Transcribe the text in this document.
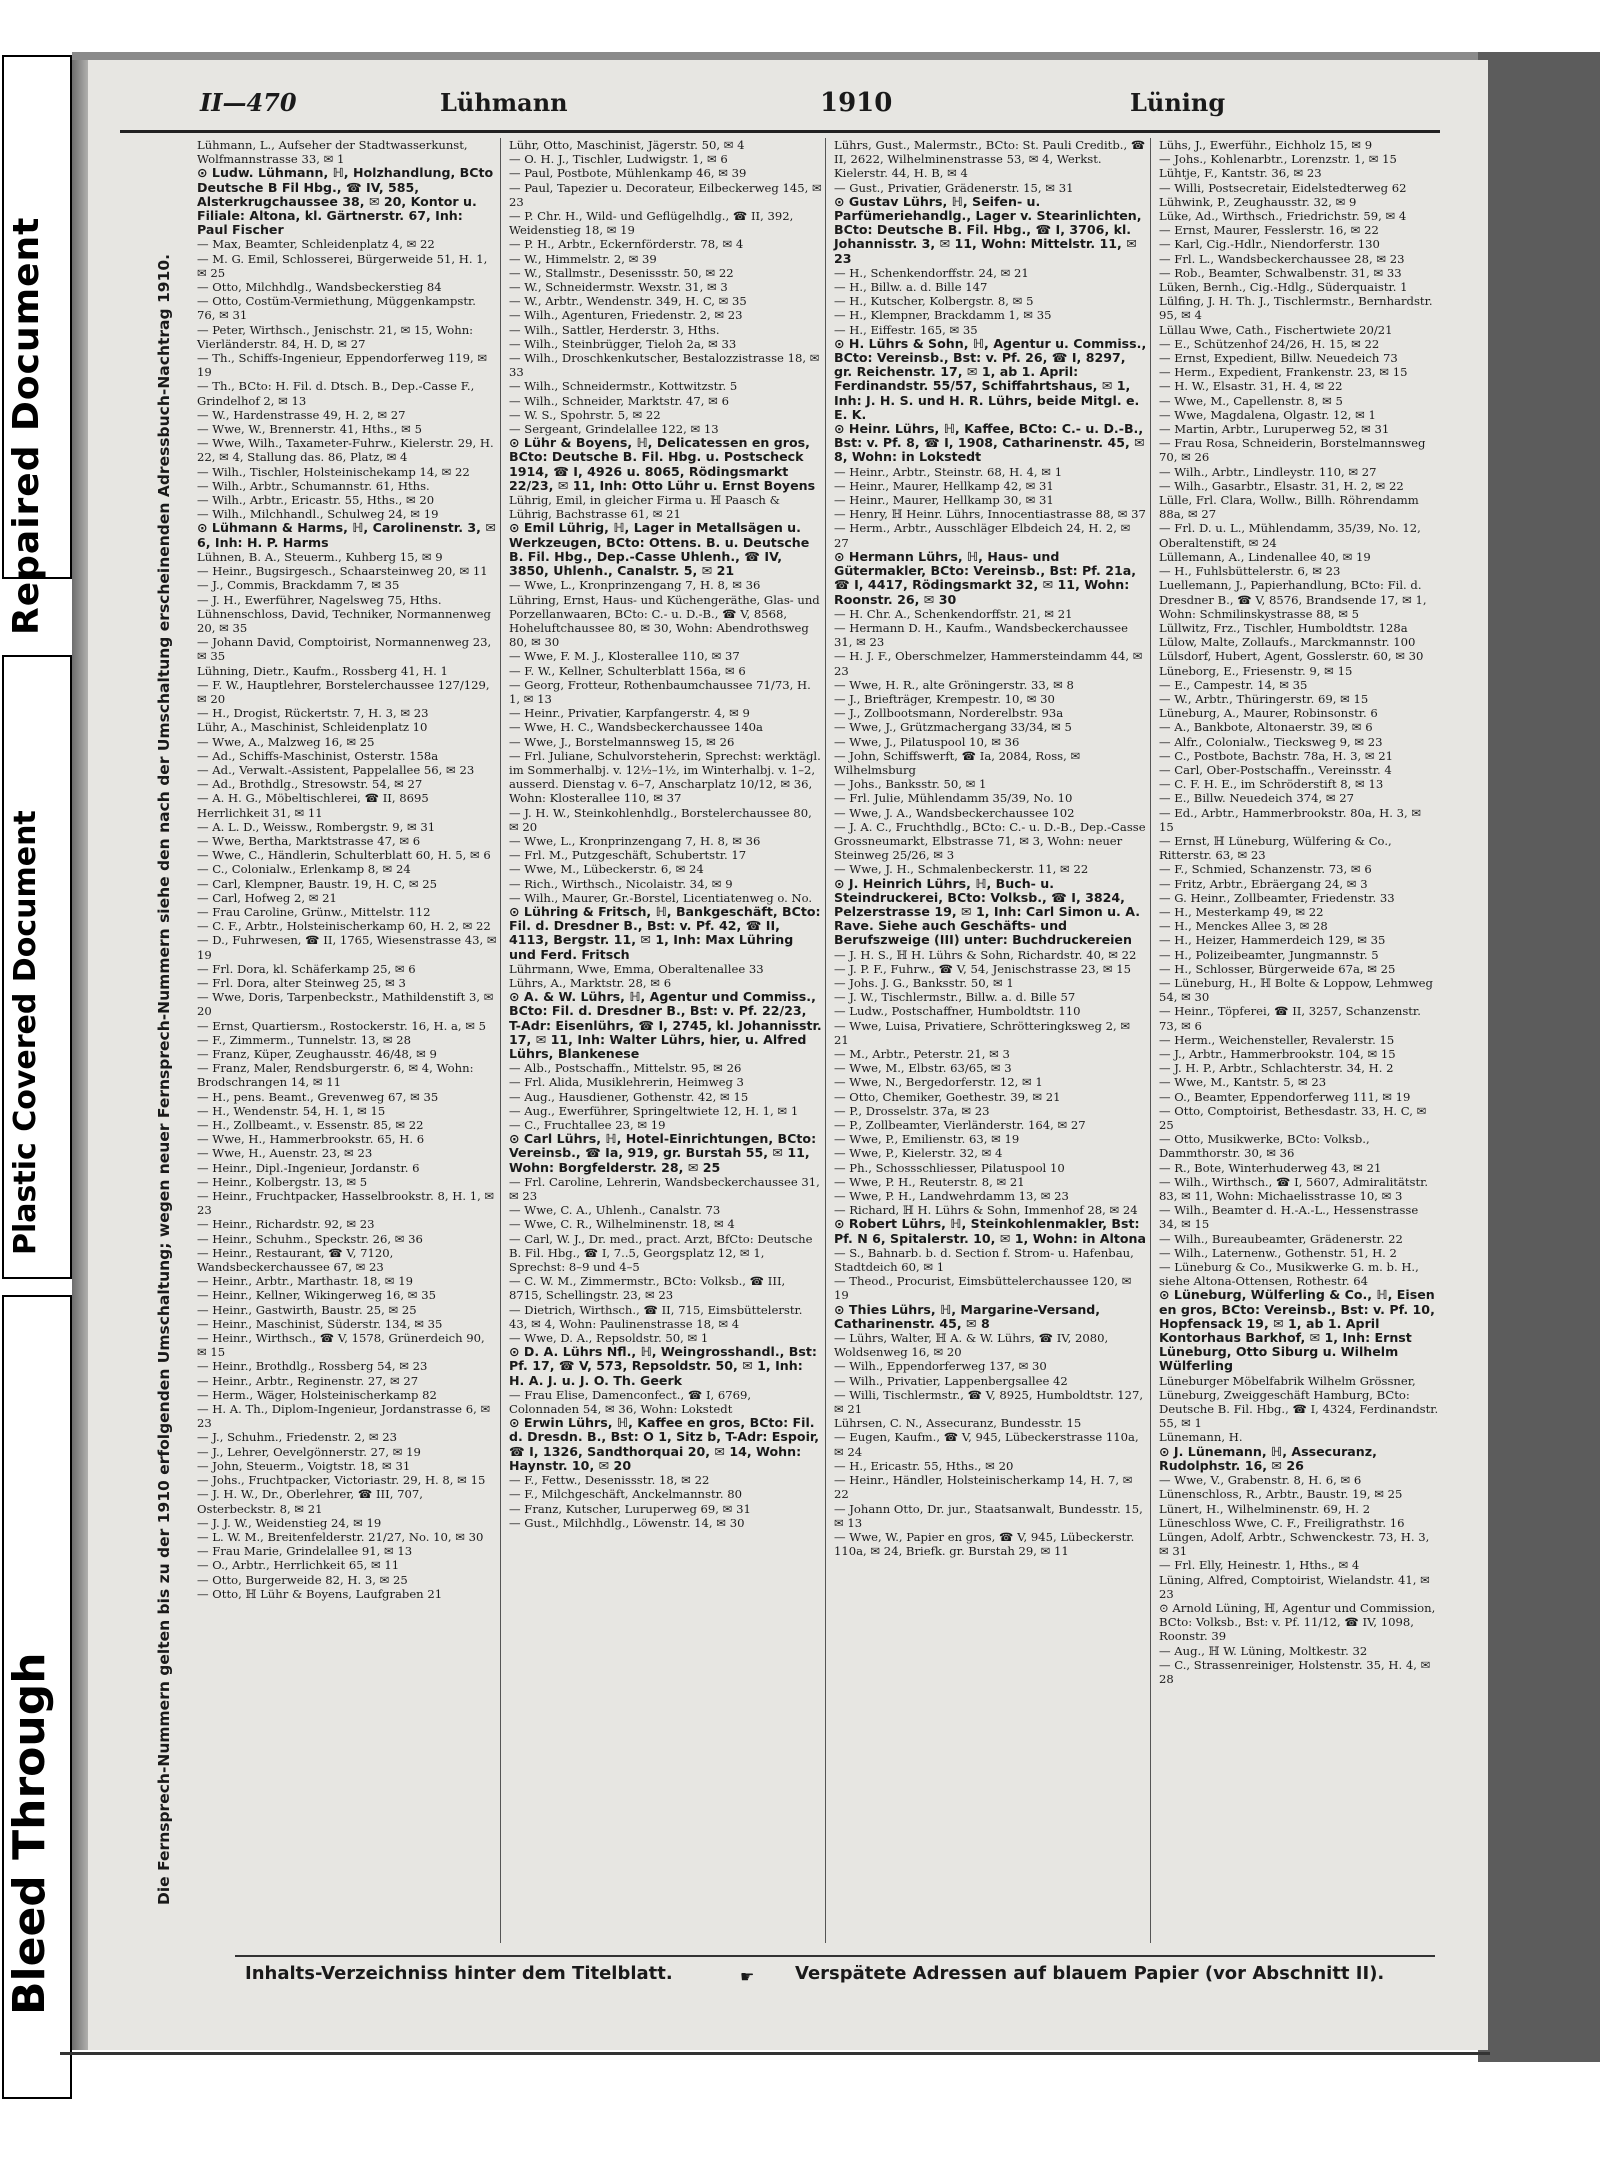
Repaired Document
Plastic Covered Document
Bleed Through
II—470	Lühmann	1910	Lüning
Die Fernsprech-Nummern gelten bis zu der 1910 erfolgenden Umschaltung; wegen neuer Fernsprech-Nummern siehe den nach der Umschaltung erscheinenden Adressbuch-Nachtrag 1910.

Lühmann, L., Aufseher der Stadtwasserkunst, Wolfmannstrasse 33, ✉ 1

⊙ Ludw. Lühmann, ℍ, Holzhandlung, BCto Deutsche B Fil Hbg., ☎ IV, 585, Alsterkrugchaussee 38, ✉ 20, Kontor u. Filiale: Altona, kl. Gärtnerstr. 67, Inh: Paul Fischer

— Max, Beamter, Schleidenplatz 4, ✉ 22

— M. G. Emil, Schlosserei, Bürgerweide 51, H. 1, ✉ 25

— Otto, Milchhdlg., Wandsbeckerstieg 84

— Otto, Costüm-Vermiethung, Müggenkampstr. 76, ✉ 31

— Peter, Wirthsch., Jenischstr. 21, ✉ 15, Wohn: Vierländerstr. 84, H. D, ✉ 27

— Th., Schiffs-Ingenieur, Eppendorferweg 119, ✉ 19

— Th., BCto: H. Fil. d. Dtsch. B., Dep.-Casse F., Grindelhof 2, ✉ 13

— W., Hardenstrasse 49, H. 2, ✉ 27

— Wwe, W., Brennerstr. 41, Hths., ✉ 5

— Wwe, Wilh., Taxameter-Fuhrw., Kielerstr. 29, H. 22, ✉ 4, Stallung das. 86, Platz, ✉ 4

— Wilh., Tischler, Holsteinischekamp 14, ✉ 22

— Wilh., Arbtr., Schumannstr. 61, Hths.

— Wilh., Arbtr., Ericastr. 55, Hths., ✉ 20

— Wilh., Milchhandl., Schulweg 24, ✉ 19

⊙ Lühmann & Harms, ℍ, Carolinenstr. 3, ✉ 6, Inh: H. P. Harms

Lühnen, B. A., Steuerm., Kuhberg 15, ✉ 9

— Heinr., Bugsirgesch., Schaarsteinweg 20, ✉ 11

— J., Commis, Brackdamm 7, ✉ 35

— J. H., Ewerführer, Nagelsweg 75, Hths.

Lühnenschloss, David, Techniker, Normannenweg 20, ✉ 35

— Johann David, Comptoirist, Normannenweg 23, ✉ 35

Lühning, Dietr., Kaufm., Rossberg 41, H. 1

— F. W., Hauptlehrer, Borstelerchaussee 127/129, ✉ 20

— H., Drogist, Rückertstr. 7, H. 3, ✉ 23

Lühr, A., Maschinist, Schleidenplatz 10

— Wwe, A., Malzweg 16, ✉ 25

— Ad., Schiffs-Maschinist, Osterstr. 158a

— Ad., Verwalt.-Assistent, Pappelallee 56, ✉ 23

— Ad., Brothdlg., Stresowstr. 54, ✉ 27

— A. H. G., Möbeltischlerei, ☎ II, 8695 Herrlichkeit 31, ✉ 11

— A. L. D., Weissw., Rombergstr. 9, ✉ 31

— Wwe, Bertha, Marktstrasse 47, ✉ 6

— Wwe, C., Händlerin, Schulterblatt 60, H. 5, ✉ 6

— C., Colonialw., Erlenkamp 8, ✉ 24

— Carl, Klempner, Baustr. 19, H. C, ✉ 25

— Carl, Hofweg 2, ✉ 21

— Frau Caroline, Grünw., Mittelstr. 112

— C. F., Arbtr., Holsteinischerkamp 60, H. 2, ✉ 22

— D., Fuhrwesen, ☎ II, 1765, Wiesenstrasse 43, ✉ 19

— Frl. Dora, kl. Schäferkamp 25, ✉ 6

— Frl. Dora, alter Steinweg 25, ✉ 3

— Wwe, Doris, Tarpenbeckstr., Mathildenstift 3, ✉ 20

— Ernst, Quartiersm., Rostockerstr. 16, H. a, ✉ 5

— F., Zimmerm., Tunnelstr. 13, ✉ 28

— Franz, Küper, Zeughausstr. 46/48, ✉ 9

— Franz, Maler, Rendsburgerstr. 6, ✉ 4, Wohn: Brodschrangen 14, ✉ 11

— H., pens. Beamt., Grevenweg 67, ✉ 35

— H., Wendenstr. 54, H. 1, ✉ 15

— H., Zollbeamt., v. Essenstr. 85, ✉ 22

— Wwe, H., Hammerbrookstr. 65, H. 6

— Wwe, H., Auenstr. 23, ✉ 23

— Heinr., Dipl.-Ingenieur, Jordanstr. 6

— Heinr., Kolbergstr. 13, ✉ 5

— Heinr., Fruchtpacker, Hasselbrookstr. 8, H. 1, ✉ 23

— Heinr., Richardstr. 92, ✉ 23

— Heinr., Schuhm., Speckstr. 26, ✉ 36

— Heinr., Restaurant, ☎ V, 7120, Wandsbeckerchaussee 67, ✉ 23

— Heinr., Arbtr., Marthastr. 18, ✉ 19

— Heinr., Kellner, Wikingerweg 16, ✉ 35

— Heinr., Gastwirth, Baustr. 25, ✉ 25

— Heinr., Maschinist, Süderstr. 134, ✉ 35

— Heinr., Wirthsch., ☎ V, 1578, Grünerdeich 90, ✉ 15

— Heinr., Brothdlg., Rossberg 54, ✉ 23

— Heinr., Arbtr., Reginenstr. 27, ✉ 27

— Herm., Wäger, Holsteinischerkamp 82

— H. A. Th., Diplom-Ingenieur, Jordanstrasse 6, ✉ 23

— J., Schuhm., Friedenstr. 2, ✉ 23

— J., Lehrer, Oevelgönnerstr. 27, ✉ 19

— John, Steuerm., Voigtstr. 18, ✉ 31

— Johs., Fruchtpacker, Victoriastr. 29, H. 8, ✉ 15

— J. H. W., Dr., Oberlehrer, ☎ III, 707, Osterbeckstr. 8, ✉ 21

— J. J. W., Weidenstieg 24, ✉ 19

— L. W. M., Breitenfelderstr. 21/27, No. 10, ✉ 30

— Frau Marie, Grindelallee 91, ✉ 13

— O., Arbtr., Herrlichkeit 65, ✉ 11

— Otto, Burgerweide 82, H. 3, ✉ 25

— Otto, ℍ Lühr & Boyens, Laufgraben 21

Lühr, Otto, Maschinist, Jägerstr. 50, ✉ 4

— O. H. J., Tischler, Ludwigstr. 1, ✉ 6

— Paul, Postbote, Mühlenkamp 46, ✉ 39

— Paul, Tapezier u. Decorateur, Eilbeckerweg 145, ✉ 23

— P. Chr. H., Wild- und Geflügelhdlg., ☎ II, 392, Weidenstieg 18, ✉ 19

— P. H., Arbtr., Eckernförderstr. 78, ✉ 4

— W., Himmelstr. 2, ✉ 39

— W., Stallmstr., Desenissstr. 50, ✉ 22

— W., Schneidermstr. Wexstr. 31, ✉ 3

— W., Arbtr., Wendenstr. 349, H. C, ✉ 35

— Wilh., Agenturen, Friedenstr. 2, ✉ 23

— Wilh., Sattler, Herderstr. 3, Hths.

— Wilh., Steinbrügger, Tieloh 2a, ✉ 33

— Wilh., Droschkenkutscher, Bestalozzistrasse 18, ✉ 33

— Wilh., Schneidermstr., Kottwitzstr. 5

— Wilh., Schneider, Marktstr. 47, ✉ 6

— W. S., Spohrstr. 5, ✉ 22

— Sergeant, Grindelallee 122, ✉ 13

⊙ Lühr & Boyens, ℍ, Delicatessen en gros, BCto: Deutsche B. Fil. Hbg. u. Postscheck 1914, ☎ I, 4926 u. 8065, Rödingsmarkt 22/23, ✉ 11, Inh: Otto Lühr u. Ernst Boyens

Lührig, Emil, in gleicher Firma u. ℍ Paasch & Lührig, Bachstrasse 61, ✉ 21

⊙ Emil Lührig, ℍ, Lager in Metallsägen u. Werkzeugen, BCto: Ottens. B. u. Deutsche B. Fil. Hbg., Dep.-Casse Uhlenh., ☎ IV, 3850, Uhlenh., Canalstr. 5, ✉ 21

— Wwe, L., Kronprinzengang 7, H. 8, ✉ 36

Lühring, Ernst, Haus- und Küchengeräthe, Glas- und Porzellanwaaren, BCto: C.- u. D.-B., ☎ V, 8568, Hoheluftchaussee 80, ✉ 30, Wohn: Abendrothsweg 80, ✉ 30

— Wwe, F. M. J., Klosterallee 110, ✉ 37

— F. W., Kellner, Schulterblatt 156a, ✉ 6

— Georg, Frotteur, Rothenbaumchaussee 71/73, H. 1, ✉ 13

— Heinr., Privatier, Karpfangerstr. 4, ✉ 9

— Wwe, H. C., Wandsbeckerchaussee 140a

— Wwe, J., Borstelmannsweg 15, ✉ 26

— Frl. Juliane, Schulvorsteherin, Sprechst: werktägl. im Sommerhalbj. v. 12½–1½, im Winterhalbj. v. 1–2, ausserd. Dienstag v. 6–7, Anscharplatz 10/12, ✉ 36, Wohn: Klosterallee 110, ✉ 37

— J. H. W., Steinkohlenhdlg., Borstelerchaussee 80, ✉ 20

— Wwe, L., Kronprinzengang 7, H. 8, ✉ 36

— Frl. M., Putzgeschäft, Schubertstr. 17

— Wwe, M., Lübeckerstr. 6, ✉ 24

— Rich., Wirthsch., Nicolaistr. 34, ✉ 9

— Wilh., Maurer, Gr.-Borstel, Licentiatenweg o. No.

⊙ Lühring & Fritsch, ℍ, Bankgeschäft, BCto: Fil. d. Dresdner B., Bst: v. Pf. 42, ☎ II, 4113, Bergstr. 11, ✉ 1, Inh: Max Lühring und Ferd. Fritsch

Lührmann, Wwe, Emma, Oberaltenallee 33

Lührs, A., Marktstr. 28, ✉ 6

⊙ A. & W. Lührs, ℍ, Agentur und Commiss., BCto: Fil. d. Dresdner B., Bst: v. Pf. 22/23, T-Adr: Eisenlührs, ☎ I, 2745, kl. Johannisstr. 17, ✉ 11, Inh: Walter Lührs, hier, u. Alfred Lührs, Blankenese

— Alb., Postschaffn., Mittelstr. 95, ✉ 26

— Frl. Alida, Musiklehrerin, Heimweg 3

— Aug., Hausdiener, Gothenstr. 42, ✉ 15

— Aug., Ewerführer, Springeltwiete 12, H. 1, ✉ 1

— C., Fruchtallee 23, ✉ 19

⊙ Carl Lührs, ℍ, Hotel-Einrichtungen, BCto: Vereinsb., ☎ Ia, 919, gr. Burstah 55, ✉ 11, Wohn: Borgfelderstr. 28, ✉ 25

— Frl. Caroline, Lehrerin, Wandsbeckerchaussee 31, ✉ 23

— Wwe, C. A., Uhlenh., Canalstr. 73

— Wwe, C. R., Wilhelminenstr. 18, ✉ 4

— Carl, W. J., Dr. med., pract. Arzt, BfCto: Deutsche B. Fil. Hbg., ☎ I, 7..5, Georgsplatz 12, ✉ 1, Sprechst: 8–9 und 4–5

— C. W. M., Zimmermstr., BCto: Volksb., ☎ III, 8715, Schellingstr. 23, ✉ 23

— Dietrich, Wirthsch., ☎ II, 715, Eimsbüttelerstr. 43, ✉ 4, Wohn: Paulinenstrasse 18, ✉ 4

— Wwe, D. A., Repsoldstr. 50, ✉ 1

⊙ D. A. Lührs Nfl., ℍ, Weingrosshandl., Bst: Pf. 17, ☎ V, 573, Repsoldstr. 50, ✉ 1, Inh: H. A. J. u. J. O. Th. Geerk

— Frau Elise, Damenconfect., ☎ I, 6769, Colonnaden 54, ✉ 36, Wohn: Lokstedt

⊙ Erwin Lührs, ℍ, Kaffee en gros, BCto: Fil. d. Dresdn. B., Bst: O 1, Sitz b, T-Adr: Espoir, ☎ I, 1326, Sandthorquai 20, ✉ 14, Wohn: Haynstr. 10, ✉ 20

— F., Fettw., Desenissstr. 18, ✉ 22

— F., Milchgeschäft, Anckelmannstr. 80

— Franz, Kutscher, Luruperweg 69, ✉ 31

— Gust., Milchhdlg., Löwenstr. 14, ✉ 30

Lührs, Gust., Malermstr., BCto: St. Pauli Creditb., ☎ II, 2622, Wilhelminenstrasse 53, ✉ 4, Werkst. Kielerstr. 44, H. B, ✉ 4

— Gust., Privatier, Grädenerstr. 15, ✉ 31

⊙ Gustav Lührs, ℍ, Seifen- u. Parfümeriehandlg., Lager v. Stearinlichten, BCto: Deutsche B. Fil. Hbg., ☎ I, 3706, kl. Johannisstr. 3, ✉ 11, Wohn: Mittelstr. 11, ✉ 23

— H., Schenkendorffstr. 24, ✉ 21

— H., Billw. a. d. Bille 147

— H., Kutscher, Kolbergstr. 8, ✉ 5

— H., Klempner, Brackdamm 1, ✉ 35

— H., Eiffestr. 165, ✉ 35

⊙ H. Lührs & Sohn, ℍ, Agentur u. Commiss., BCto: Vereinsb., Bst: v. Pf. 26, ☎ I, 8297, gr. Reichenstr. 17, ✉ 1, ab 1. April: Ferdinandstr. 55/57, Schiffahrtshaus, ✉ 1, Inh: J. H. S. und H. R. Lührs, beide Mitgl. e. E. K.

⊙ Heinr. Lührs, ℍ, Kaffee, BCto: C.- u. D.-B., Bst: v. Pf. 8, ☎ I, 1908, Catharinenstr. 45, ✉ 8, Wohn: in Lokstedt

— Heinr., Arbtr., Steinstr. 68, H. 4, ✉ 1

— Heinr., Maurer, Hellkamp 42, ✉ 31

— Heinr., Maurer, Hellkamp 30, ✉ 31

— Henry, ℍ Heinr. Lührs, Innocentiastrasse 88, ✉ 37

— Herm., Arbtr., Ausschläger Elbdeich 24, H. 2, ✉ 27

⊙ Hermann Lührs, ℍ, Haus- und Gütermakler, BCto: Vereinsb., Bst: Pf. 21a, ☎ I, 4417, Rödingsmarkt 32, ✉ 11, Wohn: Roonstr. 26, ✉ 30

— H. Chr. A., Schenkendorffstr. 21, ✉ 21

— Hermann D. H., Kaufm., Wandsbeckerchaussee 31, ✉ 23

— H. J. F., Oberschmelzer, Hammersteindamm 44, ✉ 23

— Wwe, H. R., alte Gröningerstr. 33, ✉ 8

— J., Briefträger, Krempestr. 10, ✉ 30

— J., Zollbootsmann, Norderelbstr. 93a

— Wwe, J., Grützmachergang 33/34, ✉ 5

— Wwe, J., Pilatuspool 10, ✉ 36

— John, Schiffswerft, ☎ Ia, 2084, Ross, ✉ Wilhelmsburg

— Johs., Banksstr. 50, ✉ 1

— Frl. Julie, Mühlendamm 35/39, No. 10

— Wwe, J. A., Wandsbeckerchaussee 102

— J. A. C., Fruchthdlg., BCto: C.- u. D.-B., Dep.-Casse Grossneumarkt, Elbstrasse 71, ✉ 3, Wohn: neuer Steinweg 25/26, ✉ 3

— Wwe, J. H., Schmalenbeckerstr. 11, ✉ 22

⊙ J. Heinrich Lührs, ℍ, Buch- u. Steindruckerei, BCto: Volksb., ☎ I, 3824, Pelzerstrasse 19, ✉ 1, Inh: Carl Simon u. A. Rave. Siehe auch Geschäfts- und Berufszweige (III) unter: Buchdruckereien

— J. H. S., ℍ H. Lührs & Sohn, Richardstr. 40, ✉ 22

— J. P. F., Fuhrw., ☎ V, 54, Jenischstrasse 23, ✉ 15

— Johs. J. G., Banksstr. 50, ✉ 1

— J. W., Tischlermstr., Billw. a. d. Bille 57

— Ludw., Postschaffner, Humboldtstr. 110

— Wwe, Luisa, Privatiere, Schrötteringksweg 2, ✉ 21

— M., Arbtr., Peterstr. 21, ✉ 3

— Wwe, M., Elbstr. 63/65, ✉ 3

— Wwe, N., Bergedorferstr. 12, ✉ 1

— Otto, Chemiker, Goethestr. 39, ✉ 21

— P., Drosselstr. 37a, ✉ 23

— P., Zollbeamter, Vierländerstr. 164, ✉ 27

— Wwe, P., Emilienstr. 63, ✉ 19

— Wwe, P., Kielerstr. 32, ✉ 4

— Ph., Schossschliesser, Pilatuspool 10

— Wwe, P. H., Reuterstr. 8, ✉ 21

— Wwe, P. H., Landwehrdamm 13, ✉ 23

— Richard, ℍ H. Lührs & Sohn, Immenhof 28, ✉ 24

⊙ Robert Lührs, ℍ, Steinkohlenmakler, Bst: Pf. N 6, Spitalerstr. 10, ✉ 1, Wohn: in Altona

— S., Bahnarb. b. d. Section f. Strom- u. Hafenbau, Stadtdeich 60, ✉ 1

— Theod., Procurist, Eimsbüttelerchaussee 120, ✉ 19

⊙ Thies Lührs, ℍ, Margarine-Versand, Catharinenstr. 45, ✉ 8

— Lührs, Walter, ℍ A. & W. Lührs, ☎ IV, 2080, Woldsenweg 16, ✉ 20

— Wilh., Eppendorferweg 137, ✉ 30

— Wilh., Privatier, Lappenbergsallee 42

— Willi, Tischlermstr., ☎ V, 8925, Humboldtstr. 127, ✉ 21

Lührsen, C. N., Assecuranz, Bundesstr. 15

— Eugen, Kaufm., ☎ V, 945, Lübeckerstrasse 110a, ✉ 24

— H., Ericastr. 55, Hths., ✉ 20

— Heinr., Händler, Holsteinischerkamp 14, H. 7, ✉ 22

— Johann Otto, Dr. jur., Staatsanwalt, Bundesstr. 15, ✉ 13

— Wwe, W., Papier en gros, ☎ V, 945, Lübeckerstr. 110a, ✉ 24, Briefk. gr. Burstah 29, ✉ 11

Lühs, J., Ewerführ., Eichholz 15, ✉ 9

— Johs., Kohlenarbtr., Lorenzstr. 1, ✉ 15

Lühtje, F., Kantstr. 36, ✉ 23

— Willi, Postsecretair, Eidelstedterweg 62

Lühwink, P., Zeughausstr. 32, ✉ 9

Lüke, Ad., Wirthsch., Friedrichstr. 59, ✉ 4

— Ernst, Maurer, Fesslerstr. 16, ✉ 22

— Karl, Cig.-Hdlr., Niendorferstr. 130

— Frl. L., Wandsbeckerchaussee 28, ✉ 23

— Rob., Beamter, Schwalbenstr. 31, ✉ 33

Lüken, Bernh., Cig.-Hdlg., Süderquaistr. 1

Lülfing, J. H. Th. J., Tischlermstr., Bernhardstr. 95, ✉ 4

Lüllau Wwe, Cath., Fischertwiete 20/21

— E., Schützenhof 24/26, H. 15, ✉ 22

— Ernst, Expedient, Billw. Neuedeich 73

— Herm., Expedient, Frankenstr. 23, ✉ 15

— H. W., Elsastr. 31, H. 4, ✉ 22

— Wwe, M., Capellenstr. 8, ✉ 5

— Wwe, Magdalena, Olgastr. 12, ✉ 1

— Martin, Arbtr., Luruperweg 52, ✉ 31

— Frau Rosa, Schneiderin, Borstelmannsweg 70, ✉ 26

— Wilh., Arbtr., Lindleystr. 110, ✉ 27

— Wilh., Gasarbtr., Elsastr. 31, H. 2, ✉ 22

Lülle, Frl. Clara, Wollw., Billh. Röhrendamm 88a, ✉ 27

— Frl. D. u. L., Mühlendamm, 35/39, No. 12, Oberaltenstift, ✉ 24

Lüllemann, A., Lindenallee 40, ✉ 19

— H., Fuhlsbüttelerstr. 6, ✉ 23

Luellemann, J., Papierhandlung, BCto: Fil. d. Dresdner B., ☎ V, 8576, Brandsende 17, ✉ 1, Wohn: Schmilinskystrasse 88, ✉ 5

Lüllwitz, Frz., Tischler, Humboldtstr. 128a

Lülow, Malte, Zollaufs., Marckmannstr. 100

Lülsdorf, Hubert, Agent, Gosslerstr. 60, ✉ 30

Lüneborg, E., Friesenstr. 9, ✉ 15

— E., Campestr. 14, ✉ 35

— W., Arbtr., Thüringerstr. 69, ✉ 15

Lüneburg, A., Maurer, Robinsonstr. 6

— A., Bankbote, Altonaerstr. 39, ✉ 6

— Alfr., Colonialw., Tiecksweg 9, ✉ 23

— C., Postbote, Bachstr. 78a, H. 3, ✉ 21

— Carl, Ober-Postschaffn., Vereinsstr. 4

— C. F. H. E., im Schröderstift 8, ✉ 13

— E., Billw. Neuedeich 374, ✉ 27

— Ed., Arbtr., Hammerbrookstr. 80a, H. 3, ✉ 15

— Ernst, ℍ Lüneburg, Wülfering & Co., Ritterstr. 63, ✉ 23

— F., Schmied, Schanzenstr. 73, ✉ 6

— Fritz, Arbtr., Ebräergang 24, ✉ 3

— G. Heinr., Zollbeamter, Friedenstr. 33

— H., Mesterkamp 49, ✉ 22

— H., Menckes Allee 3, ✉ 28

— H., Heizer, Hammerdeich 129, ✉ 35

— H., Polizeibeamter, Jungmannstr. 5

— H., Schlosser, Bürgerweide 67a, ✉ 25

— Lüneburg, H., ℍ Bolte & Loppow, Lehmweg 54, ✉ 30

— Heinr., Töpferei, ☎ II, 3257, Schanzenstr. 73, ✉ 6

— Herm., Weichensteller, Revalerstr. 15

— J., Arbtr., Hammerbrookstr. 104, ✉ 15

— J. H. P., Arbtr., Schlachterstr. 34, H. 2

— Wwe, M., Kantstr. 5, ✉ 23

— O., Beamter, Eppendorferweg 111, ✉ 19

— Otto, Comptoirist, Bethesdastr. 33, H. C, ✉ 25

— Otto, Musikwerke, BCto: Volksb., Dammthorstr. 30, ✉ 36

— R., Bote, Winterhuderweg 43, ✉ 21

— Wilh., Wirthsch., ☎ I, 5607, Admiralitätstr. 83, ✉ 11, Wohn: Michaelisstrasse 10, ✉ 3

— Wilh., Beamter d. H.-A.-L., Hessenstrasse 34, ✉ 15

— Wilh., Bureaubeamter, Grädenerstr. 22

— Wilh., Laternenw., Gothenstr. 51, H. 2

— Lüneburg & Co., Musikwerke G. m. b. H., siehe Altona-Ottensen, Rothestr. 64

⊙ Lüneburg, Wülferling & Co., ℍ, Eisen en gros, BCto: Vereinsb., Bst: v. Pf. 10, Hopfensack 19, ✉ 1, ab 1. April Kontorhaus Barkhof, ✉ 1, Inh: Ernst Lüneburg, Otto Siburg u. Wilhelm Wülferling

Lüneburger Möbelfabrik Wilhelm Grössner, Lüneburg, Zweiggeschäft Hamburg, BCto: Deutsche B. Fil. Hbg., ☎ I, 4324, Ferdinandstr. 55, ✉ 1

Lünemann, H.

⊙ J. Lünemann, ℍ, Assecuranz, Rudolphstr. 16, ✉ 26

— Wwe, V., Grabenstr. 8, H. 6, ✉ 6

Lünenschloss, R., Arbtr., Baustr. 19, ✉ 25

Lünert, H., Wilhelminenstr. 69, H. 2

Lüneschloss Wwe, C. F., Freiligrathstr. 16

Lüngen, Adolf, Arbtr., Schwenckestr. 73, H. 3, ✉ 31

— Frl. Elly, Heinestr. 1, Hths., ✉ 4

Lüning, Alfred, Comptoirist, Wielandstr. 41, ✉ 23

⊙ Arnold Lüning, ℍ, Agentur und Commission, BCto: Volksb., Bst: v. Pf. 11/12, ☎ IV, 1098, Roonstr. 39

— Aug., ℍ W. Lüning, Moltkestr. 32

— C., Strassenreiniger, Holstenstr. 35, H. 4, ✉ 28

Inhalts-Verzeichniss hinter dem Titelblatt.	☛ Verspätete Adressen auf blauem Papier (vor Abschnitt II).
